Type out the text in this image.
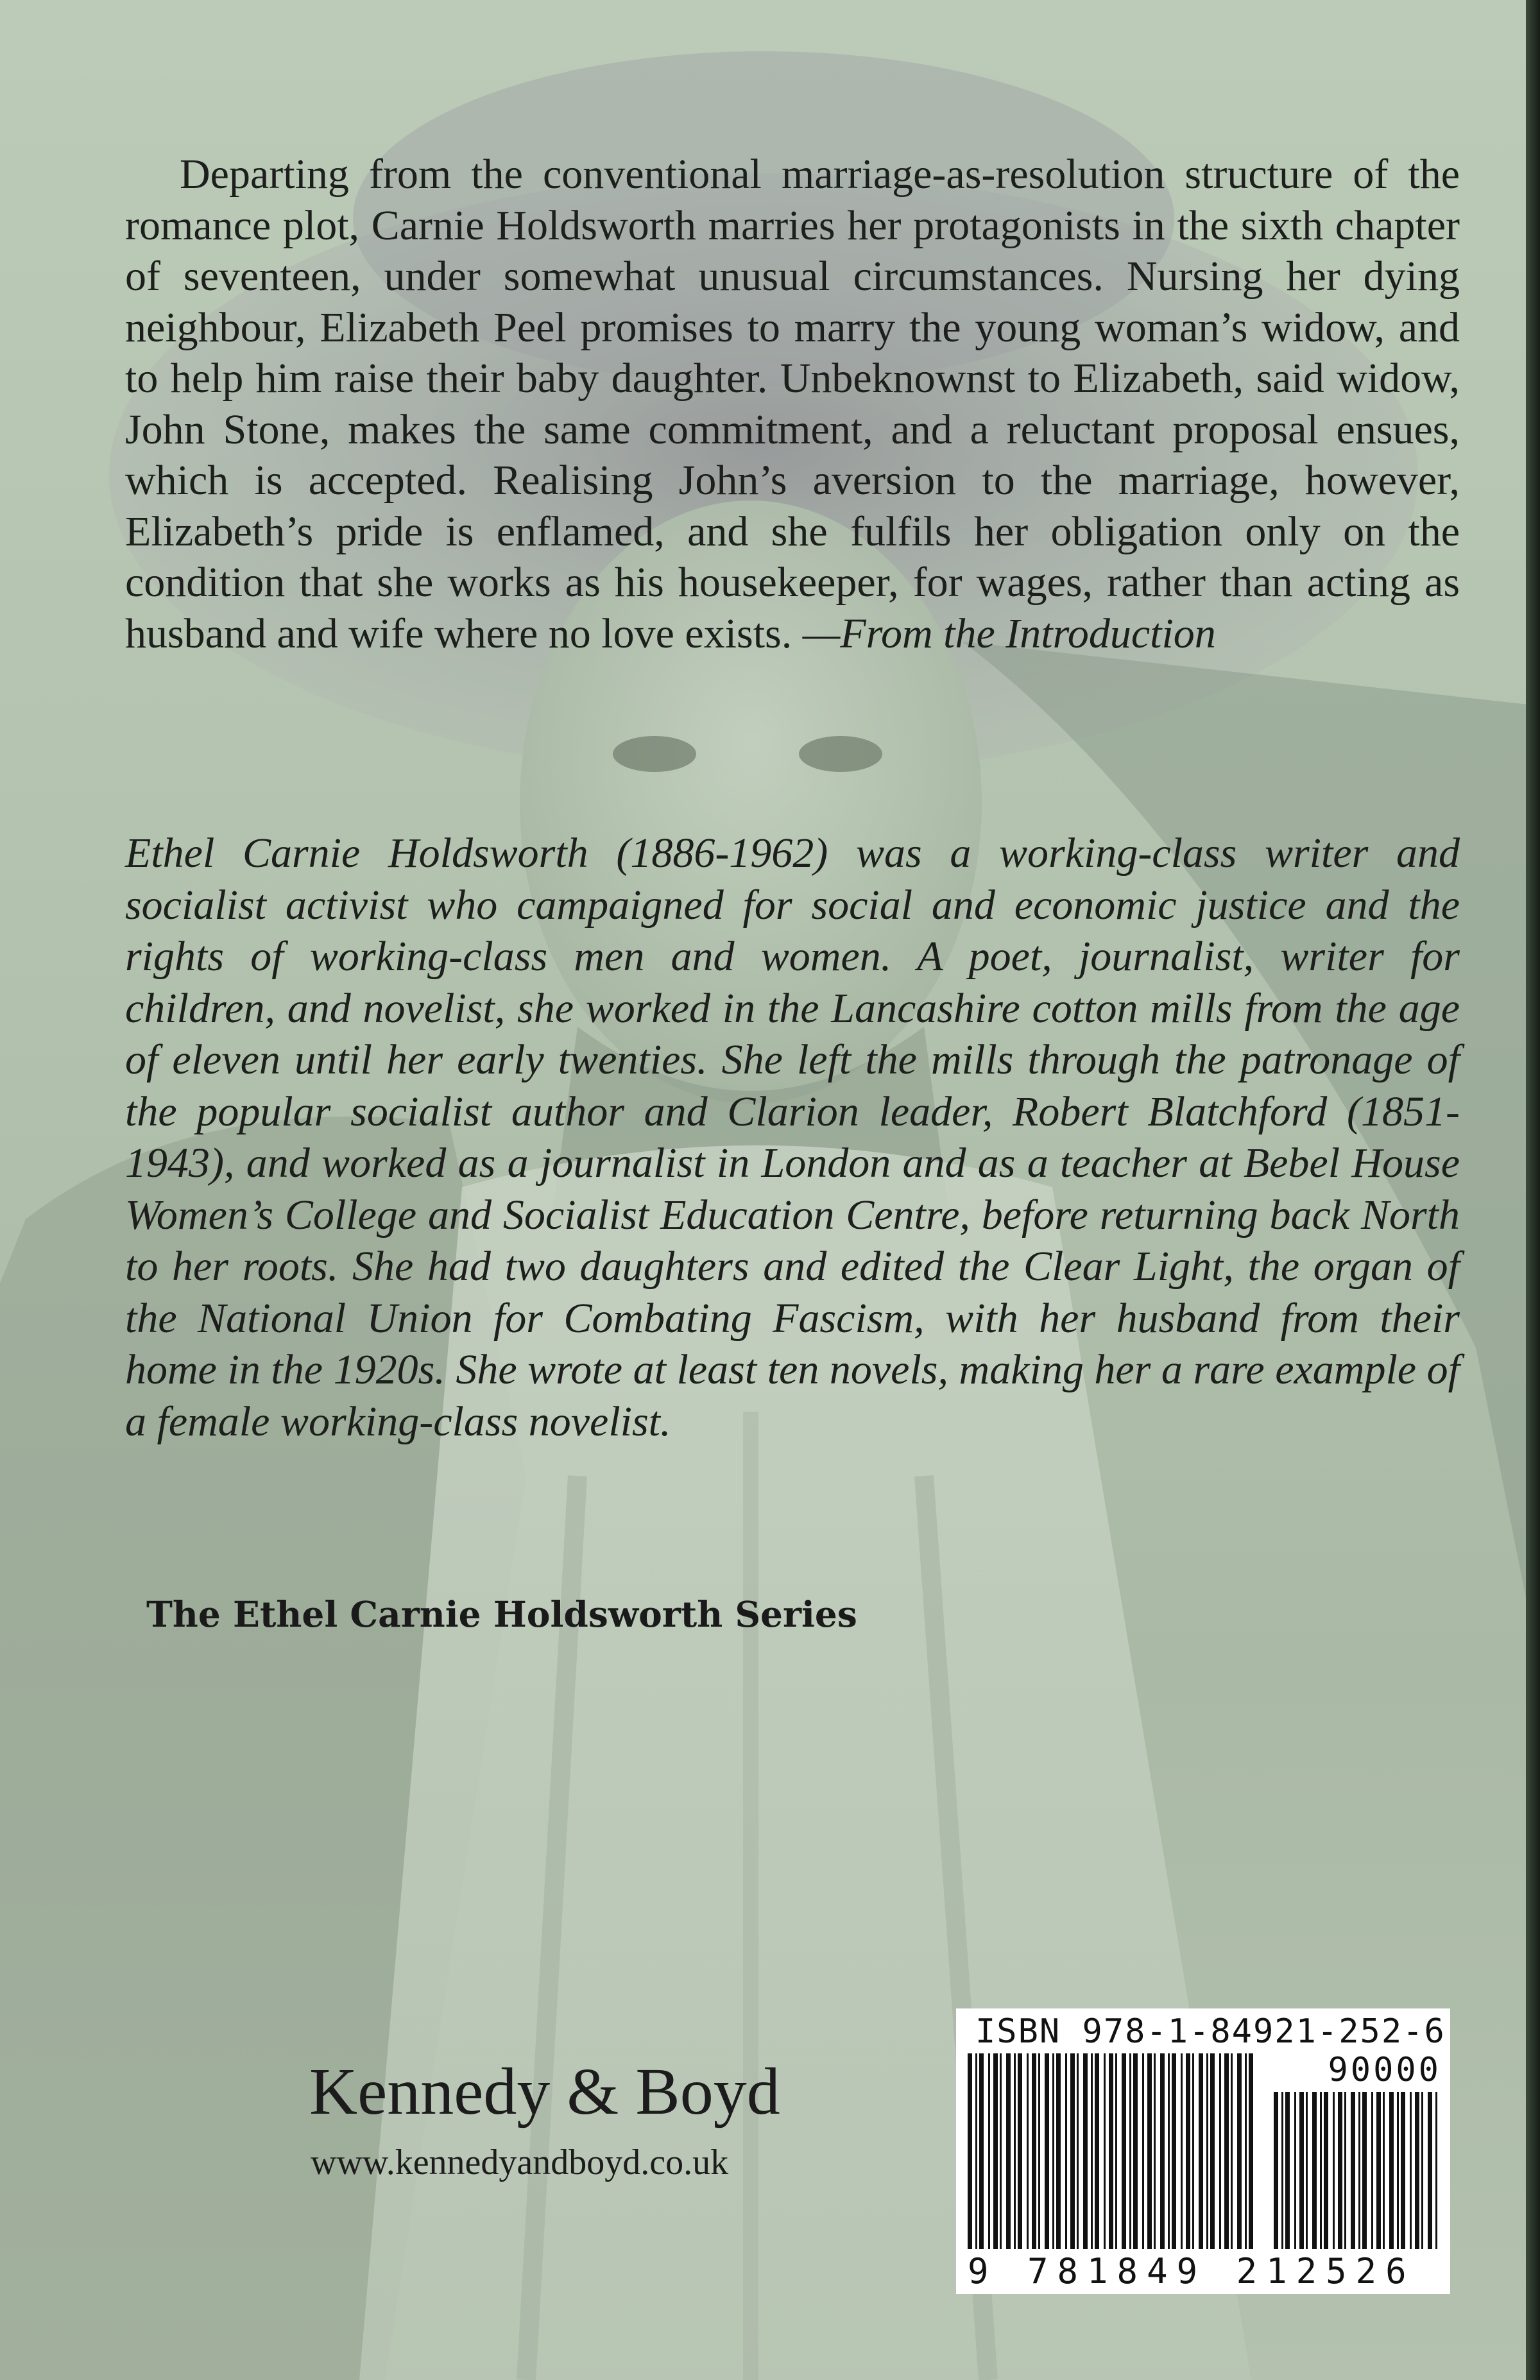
Departing from the conventional marriage-as-resolution structure of the romance plot, Carnie Holdsworth marries her protagonists in the sixth chapter of seventeen, under somewhat unusual circumstances. Nursing her dying neighbour, Elizabeth Peel promises to marry the young woman’s widow, and to help him raise their baby daughter. Unbeknownst to Elizabeth, said widow, John Stone, makes the same commitment, and a reluctant proposal ensues, which is accepted. Realising John’s aversion to the marriage, however, Elizabeth’s pride is enflamed, and she fulfils her obligation only on the condition that she works as his housekeeper, for wages, rather than acting as husband and wife where no love exists. —From the Introduction

Ethel Carnie Holdsworth (1886-1962) was a working-class writer and socialist activist who campaigned for social and economic justice and the rights of working-class men and women. A poet, journalist, writer for children, and novelist, she worked in the Lancashire cotton mills from the age of eleven until her early twenties. She left the mills through the patronage of the popular socialist author and Clarion leader, Robert Blatchford (1851-1943), and worked as a journalist in London and as a teacher at Bebel House Women’s College and Socialist Education Centre, before returning back North to her roots. She had two daughters and edited the Clear Light, the organ of the National Union for Combating Fascism, with her husband from their home in the 1920s. She wrote at least ten novels, making her a rare example of a female working-class novelist.

The Ethel Carnie Holdsworth Series

Kennedy & Boyd

www.kennedyandboyd.co.uk

ISBN 978-1-84921-252-6
90000
9 781849 212526
